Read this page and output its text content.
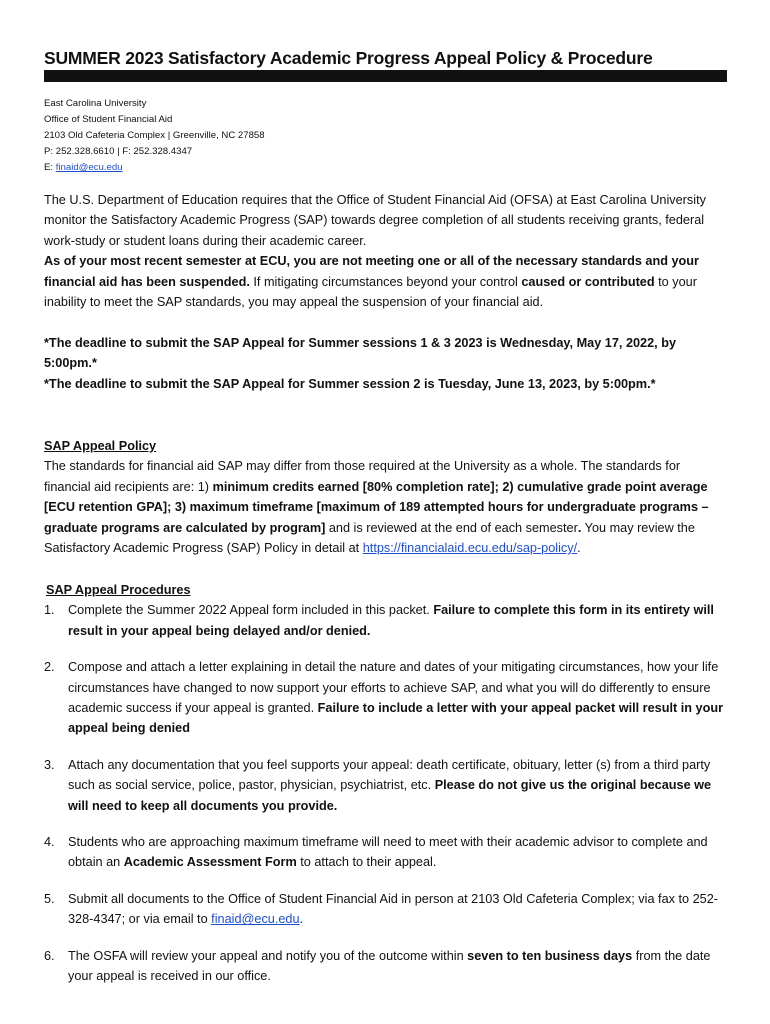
SUMMER 2023 Satisfactory Academic Progress Appeal Policy & Procedure
East Carolina University
Office of Student Financial Aid
2103 Old Cafeteria Complex | Greenville, NC 27858
P: 252.328.6610 | F: 252.328.4347
E: finaid@ecu.edu
The U.S. Department of Education requires that the Office of Student Financial Aid (OFSA) at East Carolina University monitor the Satisfactory Academic Progress (SAP) towards degree completion of all students receiving grants, federal work-study or student loans during their academic career.
As of your most recent semester at ECU, you are not meeting one or all of the necessary standards and your financial aid has been suspended. If mitigating circumstances beyond your control caused or contributed to your inability to meet the SAP standards, you may appeal the suspension of your financial aid.
*The deadline to submit the SAP Appeal for Summer sessions 1 & 3 2023 is Wednesday, May 17, 2022, by 5:00pm.*
*The deadline to submit the SAP Appeal for Summer session 2 is Tuesday, June 13, 2023, by 5:00pm.*
SAP Appeal Policy
The standards for financial aid SAP may differ from those required at the University as a whole. The standards for financial aid recipients are: 1) minimum credits earned [80% completion rate]; 2) cumulative grade point average [ECU retention GPA]; 3) maximum timeframe [maximum of 189 attempted hours for undergraduate programs – graduate programs are calculated by program] and is reviewed at the end of each semester. You may review the Satisfactory Academic Progress (SAP) Policy in detail at https://financialaid.ecu.edu/sap-policy/.
SAP Appeal Procedures
1. Complete the Summer 2022 Appeal form included in this packet. Failure to complete this form in its entirety will result in your appeal being delayed and/or denied.
2. Compose and attach a letter explaining in detail the nature and dates of your mitigating circumstances, how your life circumstances have changed to now support your efforts to achieve SAP, and what you will do differently to ensure academic success if your appeal is granted. Failure to include a letter with your appeal packet will result in your appeal being denied
3. Attach any documentation that you feel supports your appeal: death certificate, obituary, letter (s) from a third party such as social service, police, pastor, physician, psychiatrist, etc. Please do not give us the original because we will need to keep all documents you provide.
4. Students who are approaching maximum timeframe will need to meet with their academic advisor to complete and obtain an Academic Assessment Form to attach to their appeal.
5. Submit all documents to the Office of Student Financial Aid in person at 2103 Old Cafeteria Complex; via fax to 252-328-4347; or via email to finaid@ecu.edu.
6. The OSFA will review your appeal and notify you of the outcome within seven to ten business days from the date your appeal is received in our office.
